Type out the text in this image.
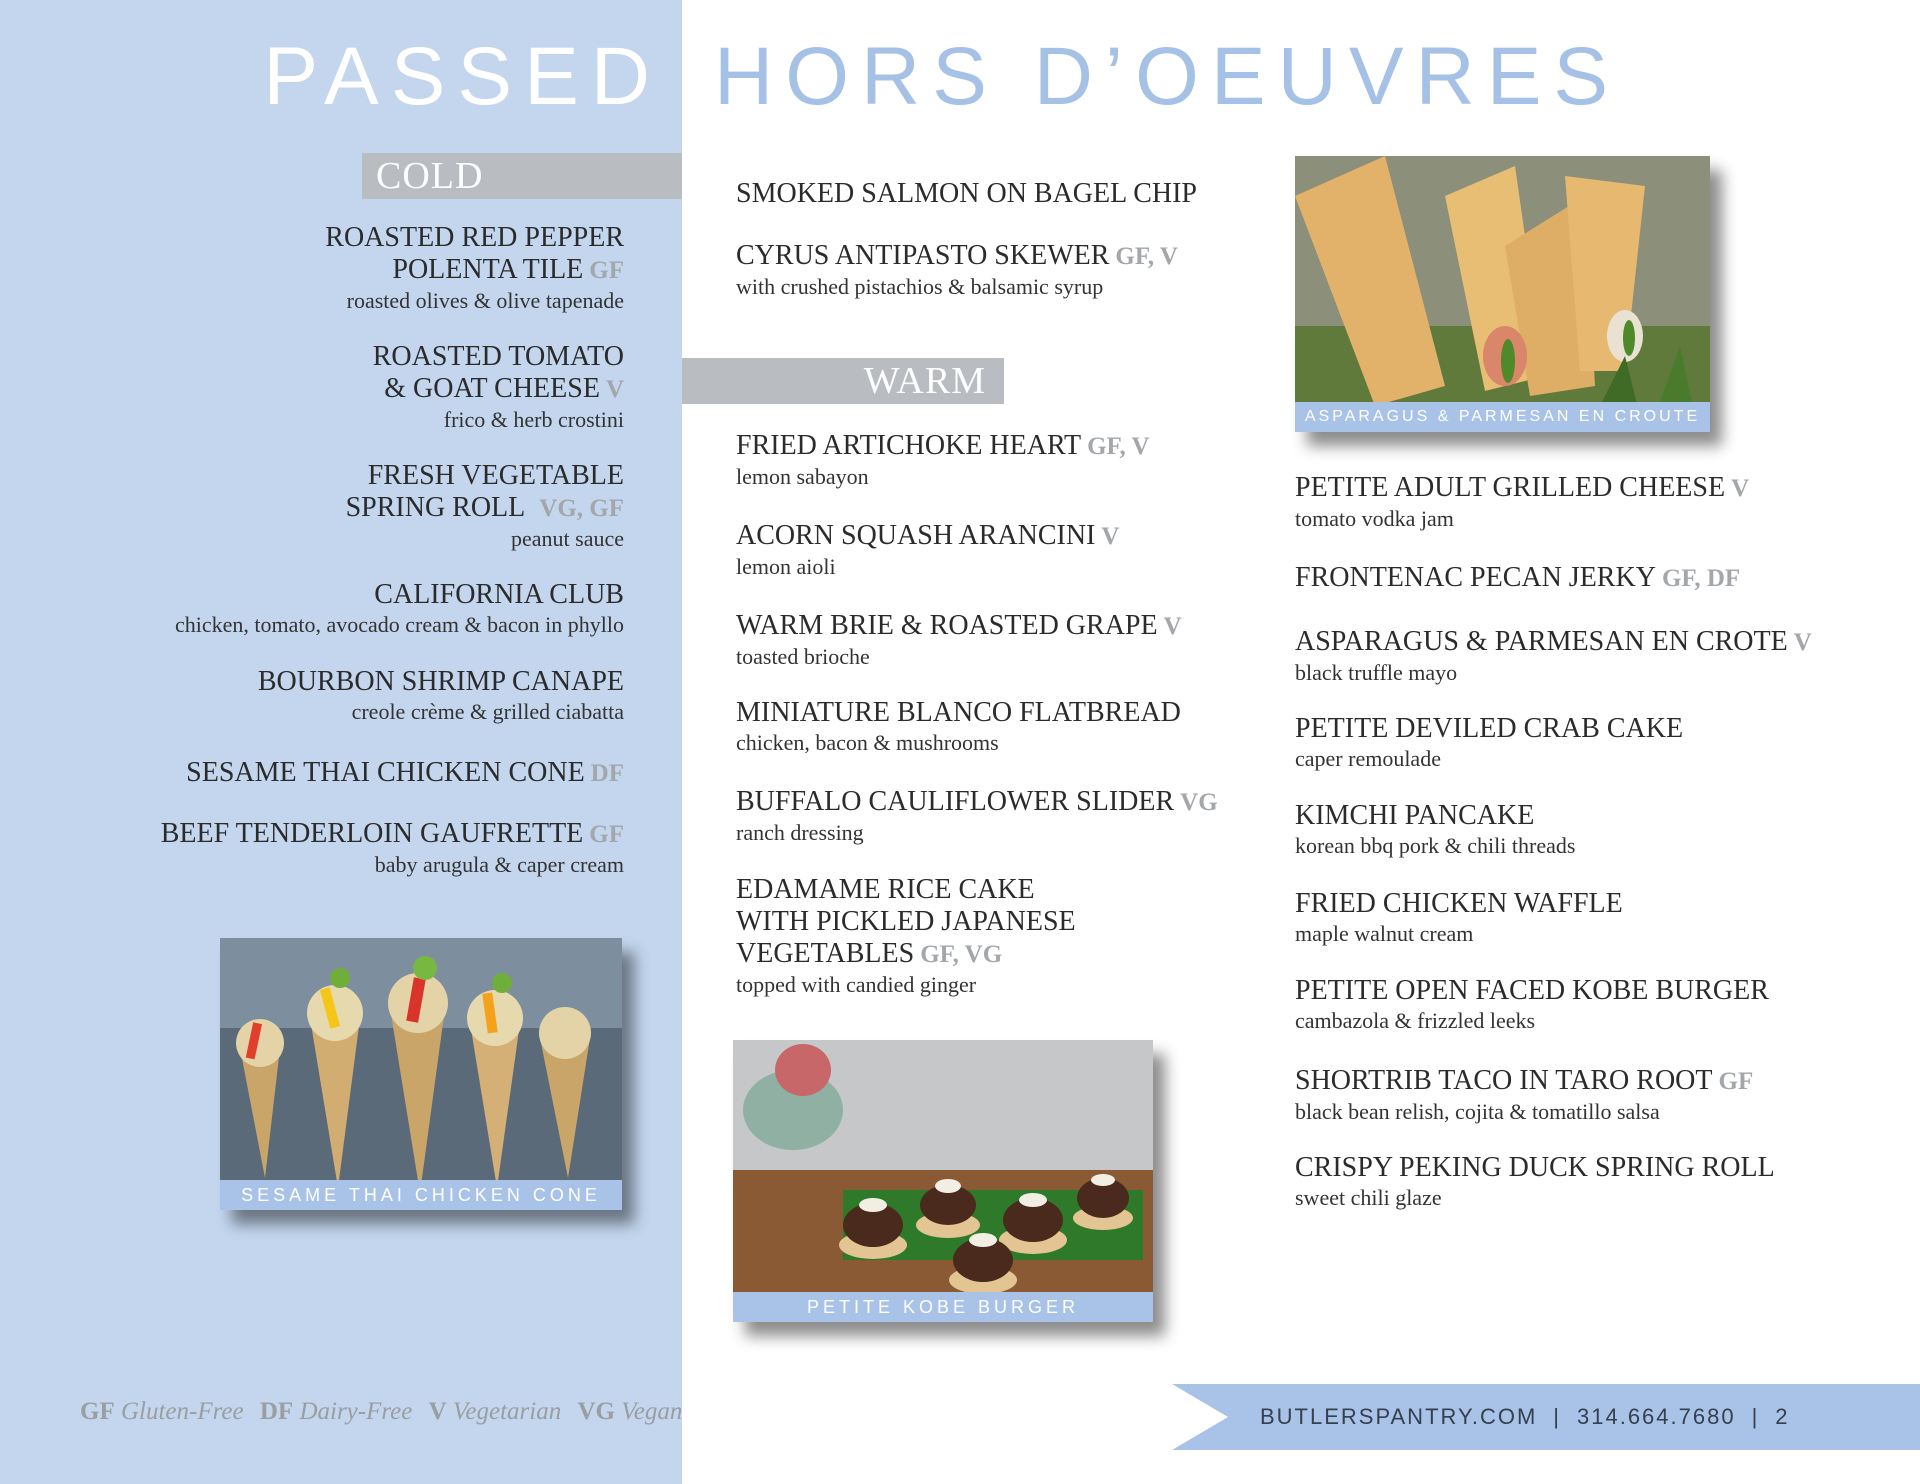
PASSED HORS D’OEUVRES
COLD
WARM
ROASTED RED PEPPER
POLENTA TILE GF
roasted olives & olive tapenade
ROASTED TOMATO
& GOAT CHEESE V
frico & herb crostini
FRESH VEGETABLE
SPRING ROLL VG, GF
peanut sauce
CALIFORNIA CLUB
chicken, tomato, avocado cream & bacon in phyllo
BOURBON SHRIMP CANAPE
creole crème & grilled ciabatta
SESAME THAI CHICKEN CONE DF
BEEF TENDERLOIN GAUFRETTE GF
baby arugula & caper cream
SMOKED SALMON ON BAGEL CHIP
CYRUS ANTIPASTO SKEWER GF, V
with crushed pistachios & balsamic syrup
FRIED ARTICHOKE HEART GF, V
lemon sabayon
ACORN SQUASH ARANCINI V
lemon aioli
WARM BRIE & ROASTED GRAPE V
toasted brioche
MINIATURE BLANCO FLATBREAD
chicken, bacon & mushrooms
BUFFALO CAULIFLOWER SLIDER VG
ranch dressing
EDAMAME RICE CAKE
WITH PICKLED JAPANESE
VEGETABLES GF, VG
topped with candied ginger
PETITE ADULT GRILLED CHEESE V
tomato vodka jam
FRONTENAC PECAN JERKY GF, DF
ASPARAGUS & PARMESAN EN CROTE V
black truffle mayo
PETITE DEVILED CRAB CAKE
caper remoulade
KIMCHI PANCAKE
korean bbq pork & chili threads
FRIED CHICKEN WAFFLE
maple walnut cream
PETITE OPEN FACED KOBE BURGER
cambazola & frizzled leeks
SHORTRIB TACO IN TARO ROOT GF
black bean relish, cojita & tomatillo salsa
CRISPY PEKING DUCK SPRING ROLL
sweet chili glaze
SESAME THAI CHICKEN CONE
PETITE KOBE BURGER
ASPARAGUS & PARMESAN EN CROUTE
GF Gluten-Free DF Dairy-Free V Vegetarian VG Vegan	BUTLERSPANTRY.COM | 314.664.7680 | 2
